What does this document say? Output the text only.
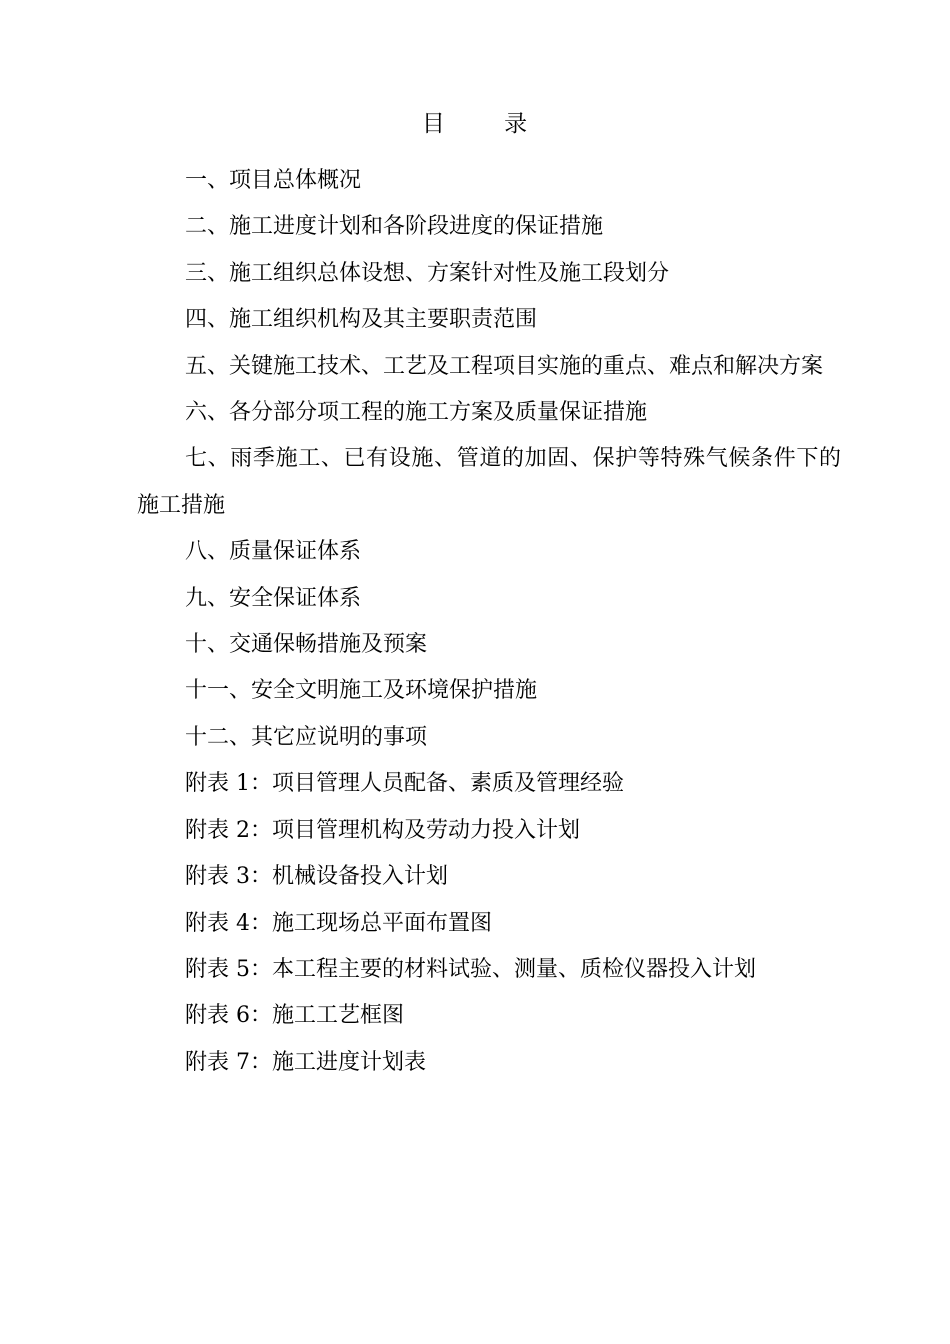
目 录
一、项目总体概况
二、施工进度计划和各阶段进度的保证措施
三、施工组织总体设想、方案针对性及施工段划分
四、施工组织机构及其主要职责范围
五、关键施工技术、工艺及工程项目实施的重点、难点和解决方案
六、各分部分项工程的施工方案及质量保证措施
七、雨季施工、已有设施、管道的加固、保护等特殊气候条件下的施工措施
八、质量保证体系
九、安全保证体系
十、交通保畅措施及预案
十一、安全文明施工及环境保护措施
十二、其它应说明的事项
附表 1：项目管理人员配备、素质及管理经验
附表 2：项目管理机构及劳动力投入计划
附表 3：机械设备投入计划
附表 4：施工现场总平面布置图
附表 5：本工程主要的材料试验、测量、质检仪器投入计划
附表 6：施工工艺框图
附表 7：施工进度计划表
